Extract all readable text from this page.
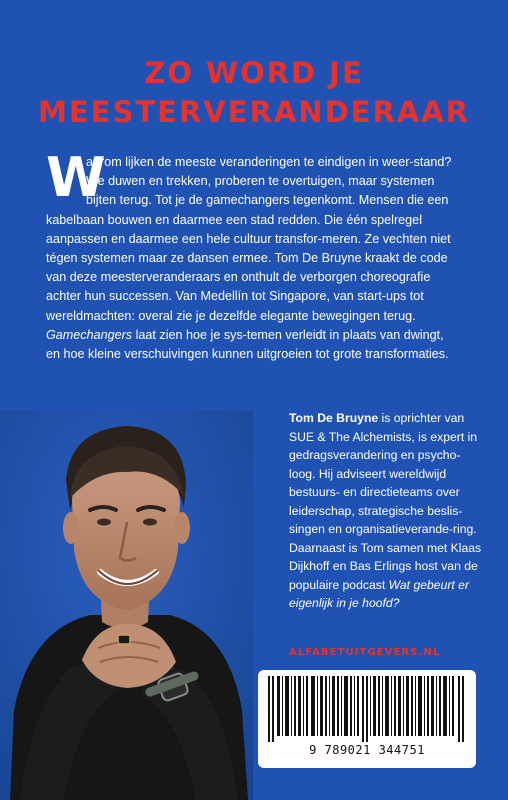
ZO WORD JE
MEESTERVERANDERAAR
W
aarom lijken de meeste veranderingen te eindigen in weer-stand? We duwen en trekken, proberen te overtuigen, maar systemen bijten terug. Tot je de gamechangers tegenkomt. Mensen die een kabelbaan bouwen en daarmee een stad redden. Die één spelregel aanpassen en daarmee een hele cultuur transfor-meren. Ze vechten niet tégen systemen maar ze dansen ermee. Tom De Bruyne kraakt de code van deze meesterveranderaars en onthult de verborgen choreografie achter hun successen. Van Medellín tot Singapore, van start-ups tot wereldmachten: overal zie je dezelfde elegante bewegingen terug. Gamechangers laat zien hoe je sys-temen verleidt in plaats van dwingt, en hoe kleine verschuivingen kunnen uitgroeien tot grote transformaties.
Tom De Bruyne is oprichter van SUE & The Alchemists, is expert in gedragsverandering en psycho-loog. Hij adviseert wereldwijd bestuurs- en directieteams over leiderschap, strategische beslis-singen en organisatieverande-ring. Daarnaast is Tom samen met Klaas Dijkhoff en Bas Erlings host van de populaire podcast Wat gebeurt er eigenlijk in je hoofd?
ALFABETUITGEVERS.NL
9 789021 344751
